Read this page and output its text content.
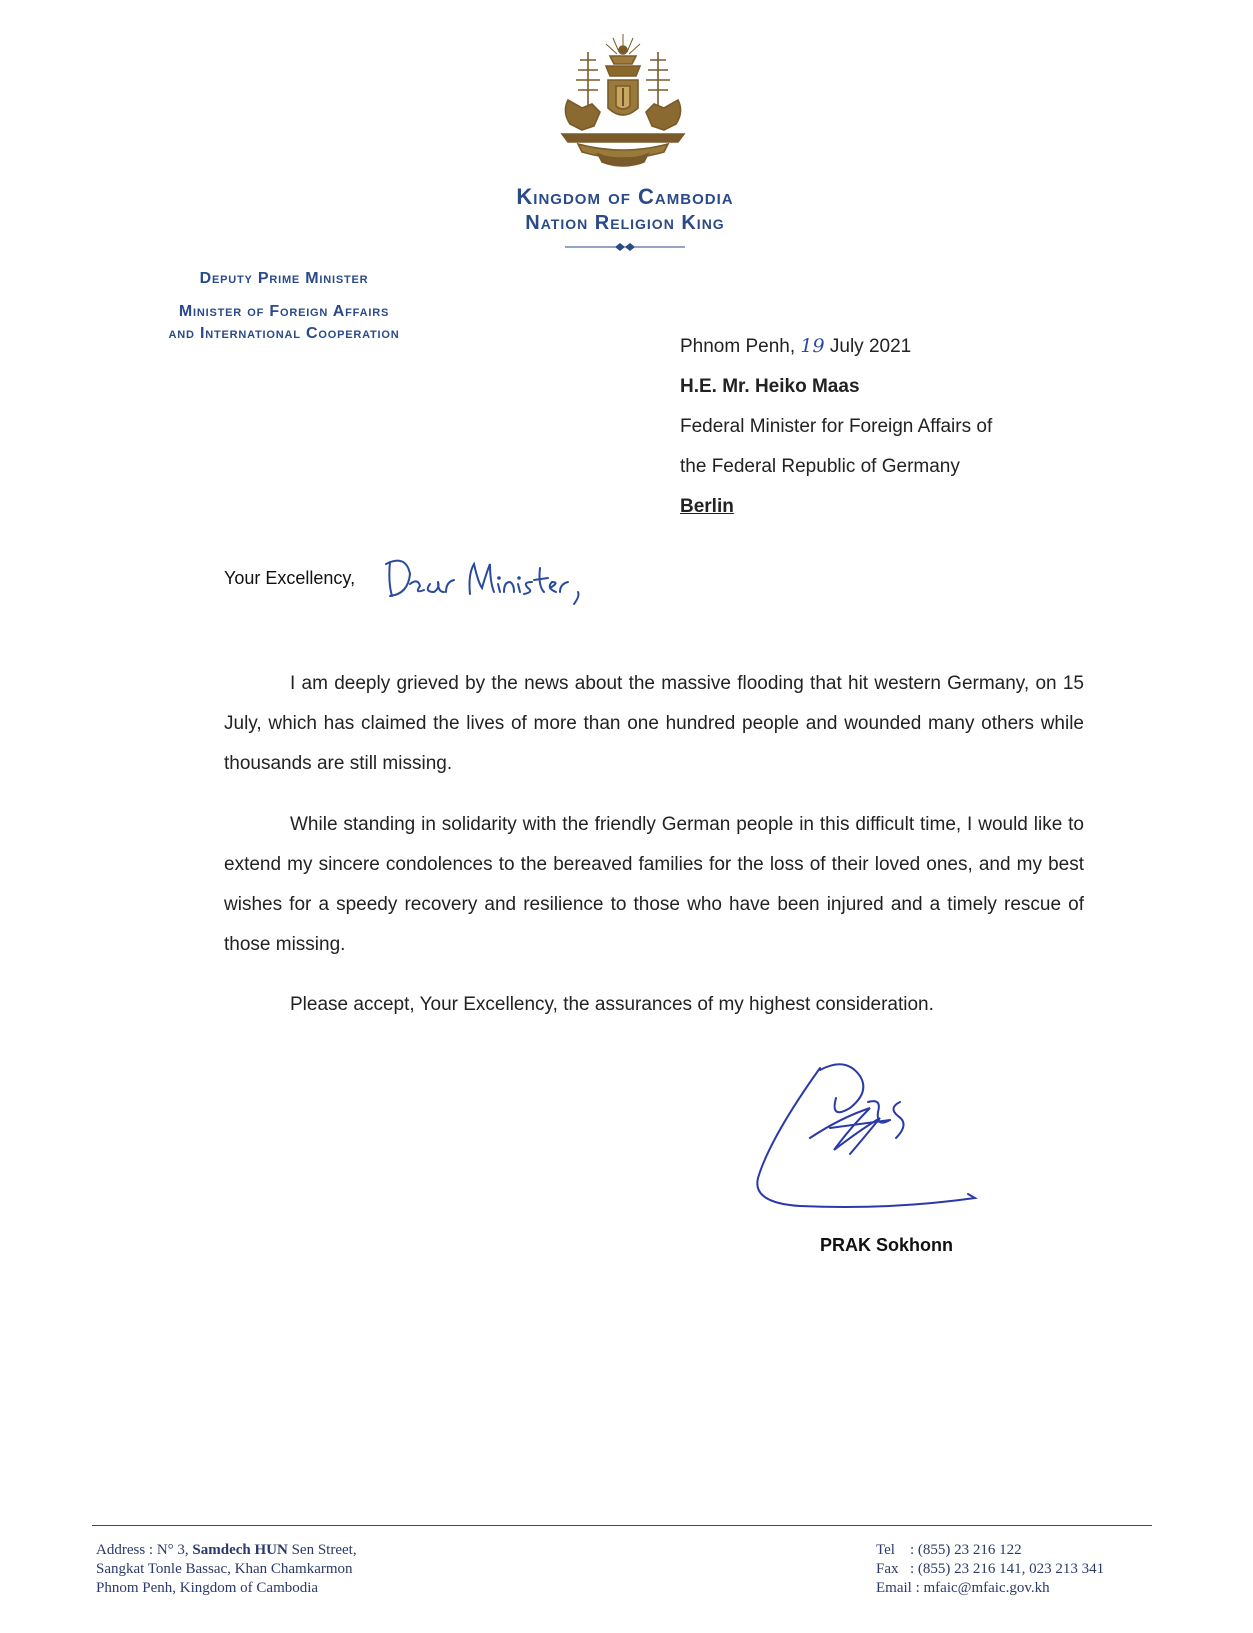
Kingdom of Cambodia
Nation Religion King
Deputy Prime Minister
Minister of Foreign Affairs
and International Cooperation
Phnom Penh, 19 July 2021
H.E. Mr. Heiko Maas
Federal Minister for Foreign Affairs of
the Federal Republic of Germany
Berlin
Your Excellency,
I am deeply grieved by the news about the massive flooding that hit western Germany, on 15 July, which has claimed the lives of more than one hundred people and wounded many others while thousands are still missing.
While standing in solidarity with the friendly German people in this difficult time, I would like to extend my sincere condolences to the bereaved families for the loss of their loved ones, and my best wishes for a speedy recovery and resilience to those who have been injured and a timely rescue of those missing.
Please accept, Your Excellency, the assurances of my highest consideration.
PRAK Sokhonn
Address : N° 3, Samdech HUN Sen Street,
Sangkat Tonle Bassac, Khan Chamkarmon
Phnom Penh, Kingdom of Cambodia
Tel : (855) 23 216 122
Fax : (855) 23 216 141, 023 213 341
Email : mfaic@mfaic.gov.kh
